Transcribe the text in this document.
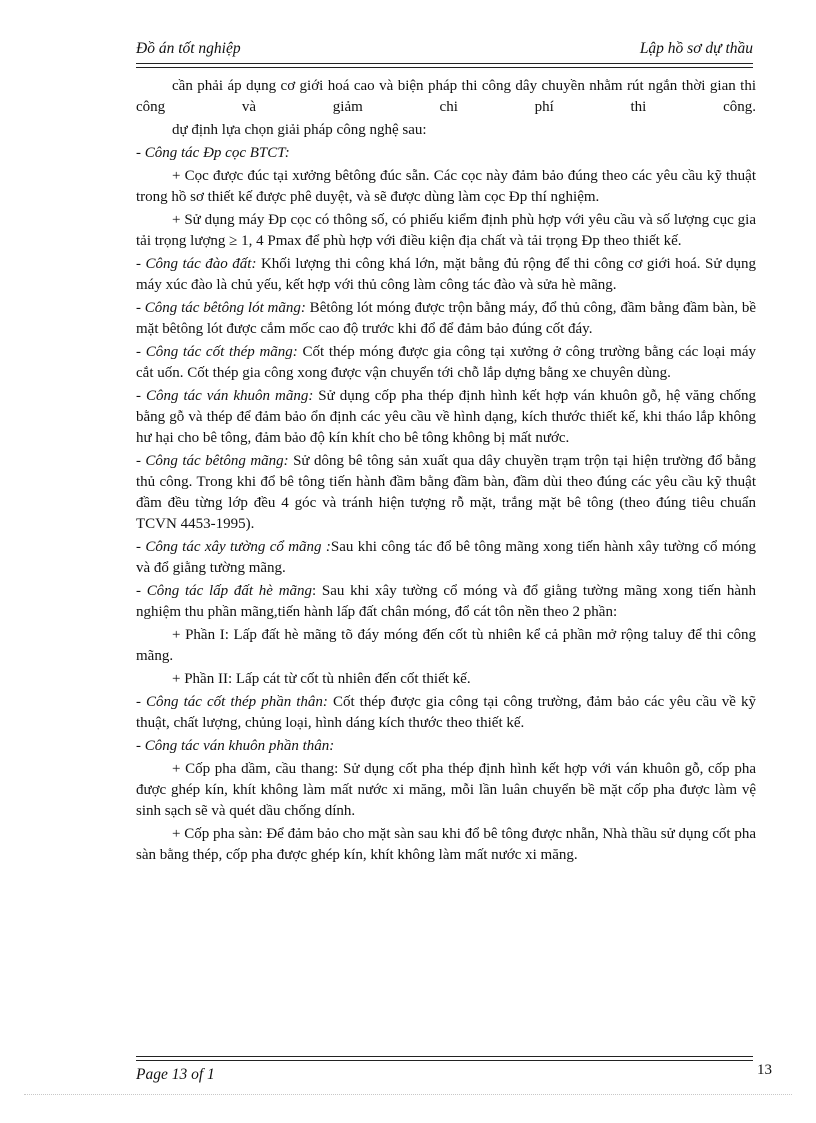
Đồ án tốt nghiệp	Lập hồ sơ dự thầu

cần phải áp dụng cơ giới hoá cao và biện pháp thi công dây chuyền nhằm rút ngắn thời gian thi công và giảm chi phí thi công.

dự định lựa chọn giải pháp công nghệ sau:

- Công tác Đp cọc BTCT:

+ Cọc được đúc tại xưởng bêtông đúc sẵn. Các cọc này đảm bảo đúng theo các yêu cầu kỹ thuật trong hồ sơ thiết kế được phê duyệt, và sẽ được dùng làm cọc Đp thí nghiệm.

+ Sử dụng máy Đp cọc có thông số, có phiếu kiểm định phù hợp với yêu cầu và số lượng cục gia tải trọng lượng ≥ 1, 4 Pmax để phù hợp với điều kiện địa chất và tải trọng Đp theo thiết kế.

- Công tác đào đất: Khối lượng thi công khá lớn, mặt bằng đủ rộng để thi công cơ giới hoá. Sử dụng máy xúc đào là chủ yếu, kết hợp với thủ công làm công tác đào và sửa hè mãng.

- Công tác bêtông lót mãng: Bêtông lót móng được trộn bằng máy, đổ thủ công, đầm bằng đầm bàn, bề mặt bêtông lót được cắm mốc cao độ trước khi đổ để đảm bảo đúng cốt đáy.

- Công tác cốt thép mãng: Cốt thép móng được gia công tại xưởng ở công trường bằng các loại máy cắt uốn. Cốt thép gia công xong được vận chuyển tới chỗ lắp dựng bằng xe chuyên dùng.

- Công tác ván khuôn mãng: Sử dụng cốp pha thép định hình kết hợp ván khuôn gỗ, hệ văng chống bằng gỗ và thép để đảm bảo ổn định các yêu cầu về hình dạng, kích thước thiết kế, khi tháo lắp không hư hại cho bê tông, đảm bảo độ kín khít cho bê tông không bị mất nước.

- Công tác bêtông mãng: Sử dông bê tông sản xuất qua dây chuyền trạm trộn tại hiện trường đổ bằng thủ công. Trong khi đổ bê tông tiến hành đầm bằng đầm bàn, đầm dùi theo đúng các yêu cầu kỹ thuật đầm đều từng lớp đều 4 góc và tránh hiện tượng rỗ mặt, trắng mặt bê tông (theo đúng tiêu chuẩn TCVN 4453-1995).

- Công tác xây tường cổ mãng :Sau khi công tác đổ bê tông mãng xong tiến hành xây tường cổ móng và đổ giằng tường mãng.

- Công tác lấp đất hè mãng: Sau khi xây tường cổ móng và đổ giằng tường mãng xong tiến hành nghiệm thu phần mãng,tiến hành lấp đất chân móng, đổ cát tôn nền theo 2 phần:

+ Phần I: Lấp đất hè mãng tõ đáy móng đến cốt tù nhiên kể cả phần mở rộng taluy để thi công mãng.

+ Phần II: Lấp cát từ cốt tù nhiên đến cốt thiết kế.

- Công tác cốt thép phần thân: Cốt thép được gia công tại công trường, đảm bảo các yêu cầu về kỹ thuật, chất lượng, chủng loại, hình dáng kích thước theo thiết kế.

- Công tác ván khuôn phần thân:

+ Cốp pha dầm, cầu thang: Sử dụng cốt pha thép định hình kết hợp với ván khuôn gỗ, cốp pha được ghép kín, khít không làm mất nước xi măng, mỗi lần luân chuyển bề mặt cốp pha được làm vệ sinh sạch sẽ và quét dầu chống dính.

+ Cốp pha sàn: Để đảm bảo cho mặt sàn sau khi đổ bê tông được nhẵn, Nhà thầu sử dụng cốt pha sàn bằng thép, cốp pha được ghép kín, khít không làm mất nước xi măng.

Page 13 of 1	13
